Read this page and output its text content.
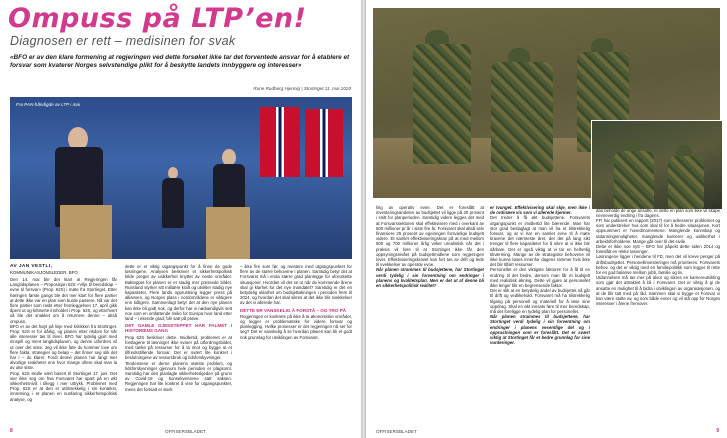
Ompuss på LTP’en!
Diagnosen er rett – medisinen for svak
«BFO er av den klare formening at regjeringen ved dette forsøket ikke tar det forventede ansvar for å etablere et forsvar som kvaterer Norges selvstendige plikt for å beskytte landets innbyggere og interesser»
Rune Rudberg Hjennig | Stortinget 11. mai 2020
Fra PAN-håndigde av LTP i mai
AV JAN VESTLI,
KOMMUNIKASJONSLEDER, BFO
Den 14. mai ble det klart at Regjeringen får Langtidsplanen – Proposisjon 62S «Vilje til beredskap – evne til forsvar» (Prop. 62S) i møte fra Stortinget. Etter høringen første gangs ble det mer klart for flere partier at dette ikke var en plan som burde passere. Nå var det flere partier som raskt etter fremleggelsen 17. april gikk åpent ut og kritiserte innholdet i Prop. 62S, og etterhvert så ble det snakket om å returnere denne – altså ompuss.
BFO er av det høyt på linje med kritikken fra Stortinget. Prop. 62S er for dårlig, og planen etter rikdom for når alle interesser tas til trivel. BFO har tydelig gjort med innspill og ment langtidsplanen, og denne utfordres vil ut over det siste. Jeg vil ikke føle du kommer love om flere fakta, strategier og beløp – det finner seg slik det har i – du klarer. Fordi denne planen har langt mer alvorlige svakheter enn hvor mange oftere skal man la av utte siste.
Prop. 62S skulle vært basert til Stortinget 17. juni. Det sier ikke seg om hva Forsvaret har spart på en økt sikkerhetsnivå i tillegg i mer uttrykk. Problemet med Prop. 62S er at den er utilstrekkelig i sin kontekst, innretning, i et planen en nunføring sikkerhetspolitisk analyse, og
dette er et viktig utgangspunkt for å finne de gode løsningene. Analysen beskriver et sikkerhetspolitisk bilde preget av usikkerhet knyttet av neste områder. Bakteppet for planen er et stadig mer pressede bildet. Russland styrker sitt militære kraft og utvikler stadig nye kapasiteter. Flere lands opprustning legger press på alliansen, og Norges plass i nordområdene er viktigere enn tidligere. Sammenlagt betyr det at den nye planen kan ikke bli godt nok, og derfor har vi nødvendigvis sett noe som en omfattende risiko for Europa hvor land etter land – i ekende grad, blir satt på prøve.
DET GAMLE GJENSTEPPET HAR FALMET I HISTORIENS GANG
Prop 62S beskriver dette. Imidlertid, problemet er at forslagene til løsninger ikke svarer på utfordringsbildet, med tanke på ressurser for å ta imot og bygge ut et tilfredsstillende forsvar. Det er svært lite konkret i beslutningene av ressursbruk og tidsforskyvninger.
Tendensene er derne planens største problem, og tidsforskyvninger gjennom hele perioden er plagsomt. Samtidig har den planlagte sikkerhetsskjeden på grunn av Covid-19 og konsekvensene satt saksen. Regjeringen har lite konkret å vise for utgangspunktet, mens det fortsatt er sterk
– ikke fire som før, og mestere med utgangspunktet for flere av de større behovene i planen. Samtidig betyr det at Forsvaret må i enda større grad planlegge for uforutsette situasjoner. Hvordan vil det se ut når de kommende årene skal gi klarhet for det nye mandatet? Samtidig er det en betydelig uklarhet om budsjettøkningen i perioden frem til 2024, og hvordan det skal sikres at det ikke blir svekkelser av det vi allerede har.
DETTE ER VANSKELIG Å FORSTÅ – OG TRO PÅ
Regjeringen er konkrete på ikke å ta økonomiske områder, og legger er problematiske for videre forsvar og planlegging. Hvilke prosesser er det regjeringen nå ser for seg? Det er vanskelig å se hvordan planen kan bli et godt nok grunnlag for utviklingen av Forsvaret.
8	OFFISERSBLADET
ling av operativ evne. Det er foreslått at investeringsandelen av budsjettet vil ligge på 30 prosent i snitt for planperioden. Samtidig videre legges det med at Forsvarssektoren skal effektivisere med i overkant av 500 millioner pr år i siste fire år. Forsvaret skal altså selv finansiere 25 prosent av egeinngen forsvarlige budsjett videre. Et samlet effektiviseringskrav på at med mellom 500 og 700 millioner årlig virker urealistisk når det i praksis vil føre til at Stortinget ikke får den oppsyningsnivået på budsjettmidlene som regjeringen lover. Effektiviseringskravet kan fort tas av drift og lede til svekkelser av operativ evne.
Når planen strammes til budsjettene, har Stortinget verdi tydelig i sin forventning om endringer i planens og kvalitetsplan. Men er det ut af denne bli en sikkerhetspolitisk realitet?
er tvunget. Effektivisering skal skje, men ikke i de ordinære vis som vi allerede kjenner.
Det treder å få økt budsjettene. Forsvarets utgangspunkt er imidlertid lite bærende. Man har stor grad beslaglagt at man vil ha et tilstrekkelig forsvar, og at vi har en samlet evne til å møte kravene det nærmeste året, der det på lang sikt trenger til flere kapasiteter for å sikre at vi ikke blir sårbare. Det er også viktig at vi tar en helhetlig tilnærming. Mange av de strategiske behovene vil ikke kunne løses innenfor dagens rammer hvis ikke det blir tilført ressurser.
Personellet er den viktigste faktoren for å få til en endring til det bedre, dersom man får et budsjett med realistisk økning. Dette vil gjøre at personellet ikke lenger blir en begrensende faktor.
Det er slik at en betydelig andel av budsjettet nå går til drift og vedlikehold. Forsvaret må ha tilstrekkelig tilgang på personell og materiell for å løse sine oppdrag. Skal en økt innsats føre til mer beredskap, må det foreligge en tydelig plan for personellet.
Når planen strammes til budsjettene, har Stortinget verdi tydelig i sin forventning om endringer i planens vesentlige del og i opprustningen som er foreslått. Det er svært viktig at Stortinget får et bedre grunnlag for sine vurderinger.
dan beholde de unge ansatte, er dette en plan som ikke vil skape nevneverdig endring i fra dagens.
FFI har publisert en rapport (2017) som adresserer problemet og som understreker hva som skal til for å bedre situasjonen. Kort oppsummert er hovedmomentene: Manglende kunnskap og utdanningsmuligheter, manglende karrierer og usikkerhet i arbeidsforholdene. Mange går over til det sivile.
Dette er ikke noe nytt – BFO har påpekt dette siden 2014 og foreslått en rekke løsninger.
Løsningene ligger i hendene til FD, men det vil kreve penger på driftsbudsjettet. Personellinvesteringer må prioriteres. Forsvarets behov, og det er viktig med en familiepolitikk som legger til rette for en god balanse mellom jobb, familie og liv.
Utdannelsen må tas mer på alvor og sikres en karriereutvikling som gjør det attraktivt å bli i Forsvaret. Det er viktig å gi de ansatte en mulighet til å bidra i utviklingen av organisasjonen, og at de blir tatt med på råd. Sammen skal vi bygge et Forsvar vi kan være stolte av, og som både evner og vil stå opp for Norges interesser i årene fremover.
OFFISERSBLADET	9
